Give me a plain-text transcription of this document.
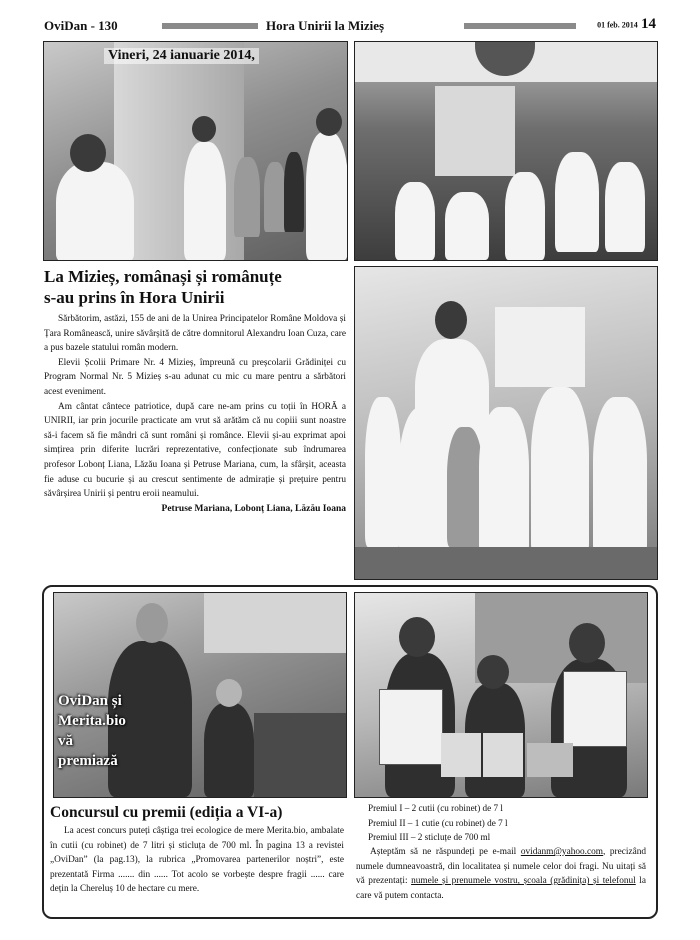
OviDan - 130	Hora Unirii la Mizieș	01 feb. 2014 14
Vineri, 24 ianuarie 2014,
La Mizieș, românași și românuțe
s-au prins în Hora Unirii

Sărbătorim, astăzi, 155 de ani de la Unirea Principatelor Române Moldova și Țara Românească, unire săvârșită de către domnitorul Alexandru Ioan Cuza, care a pus bazele statului român modern.

Elevii Școlii Primare Nr. 4 Mizieș, împreună cu preșcolarii Grădiniței cu Program Normal Nr. 5 Mizieș s-au adunat cu mic cu mare pentru a sărbători acest eveniment.

Am cântat cântece patriotice, după care ne-am prins cu toții în HORĂ a UNIRII, iar prin jocurile practicate am vrut să arătăm că nu copiii sunt noastre să-i facem să fie mândri că sunt români și românce. Elevii și-au exprimat apoi simțirea prin diferite lucrări reprezentative, confecționate sub îndrumarea profesor Lobonț Liana, Lăzău Ioana și Petruse Mariana, cum, la sfârșit, aceasta fie aduse cu bucurie și au crescut sentimente de admirație și prețuire pentru săvârșirea Unirii și pentru eroii neamului.

Petruse Mariana, Lobonț Liana, Lăzău Ioana
OviDan și
Merita.bio
vă
premiază
Concursul cu premii (ediția a VI-a)

La acest concurs puteți câștiga trei ecologice de mere Merita.bio, ambalate în cutii (cu robinet) de 7 litri și sticluța de 700 ml. În pagina 13 a revistei „OviDan” (la pag.13), la rubrica „Promovarea partenerilor noștri”, este prezentată Firma ....... din ...... Tot acolo se vorbește despre fragii ...... care dețin la Chereluș 10 de hectare cu mere.

Premiul I – 2 cutii (cu robinet) de 7 l
Premiul II – 1 cutie (cu robinet) de 7 l
Premiul III – 2 sticluțe de 700 ml

Așteptăm să ne răspundeți pe e-mail ovidanm@yahoo.com, precizând numele dumneavoastră, din localitatea și numele celor doi fragi. Nu uitați să vă prezentați: numele și prenumele vostru, școala (grădinița) și telefonul la care vă putem contacta.
